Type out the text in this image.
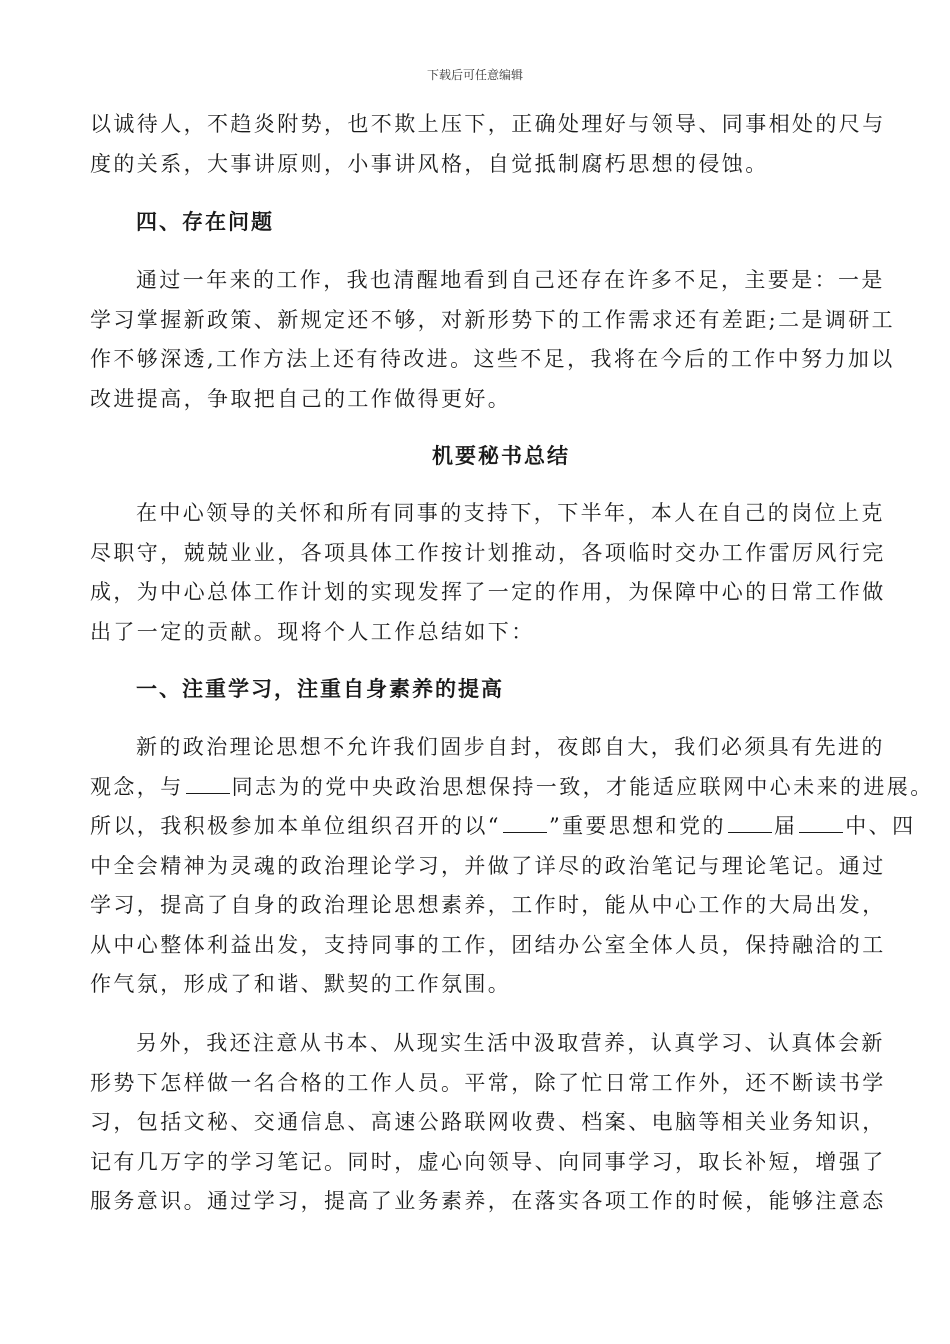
下载后可任意编辑
以诚待人，不趋炎附势，也不欺上压下，正确处理好与领导、同事相处的尺与
度的关系，大事讲原则，小事讲风格，自觉抵制腐朽思想的侵蚀。
四、存在问题
通过一年来的工作，我也清醒地看到自己还存在许多不足，主要是：一是
学习掌握新政策、新规定还不够，对新形势下的工作需求还有差距;二是调研工
作不够深透,工作方法上还有待改进。这些不足，我将在今后的工作中努力加以
改进提高，争取把自己的工作做得更好。
机要秘书总结
在中心领导的关怀和所有同事的支持下，下半年，本人在自己的岗位上克
尽职守，兢兢业业，各项具体工作按计划推动，各项临时交办工作雷厉风行完
成，为中心总体工作计划的实现发挥了一定的作用，为保障中心的日常工作做
出了一定的贡献。现将个人工作总结如下：
一、注重学习，注重自身素养的提高
新的政治理论思想不允许我们固步自封，夜郎自大，我们必须具有先进的
观念，与 同志为的党中央政治思想保持一致，才能适应联网中心未来的进展。
所以，我积极参加本单位组织召开的以“ ”重要思想和党的 届 中、四
中全会精神为灵魂的政治理论学习，并做了详尽的政治笔记与理论笔记。通过
学习，提高了自身的政治理论思想素养，工作时，能从中心工作的大局出发，
从中心整体利益出发，支持同事的工作，团结办公室全体人员，保持融洽的工
作气氛，形成了和谐、默契的工作氛围。
另外，我还注意从书本、从现实生活中汲取营养，认真学习、认真体会新
形势下怎样做一名合格的工作人员。平常，除了忙日常工作外，还不断读书学
习，包括文秘、交通信息、高速公路联网收费、档案、电脑等相关业务知识，
记有几万字的学习笔记。同时，虚心向领导、向同事学习，取长补短，增强了
服务意识。通过学习，提高了业务素养，在落实各项工作的时候，能够注意态
